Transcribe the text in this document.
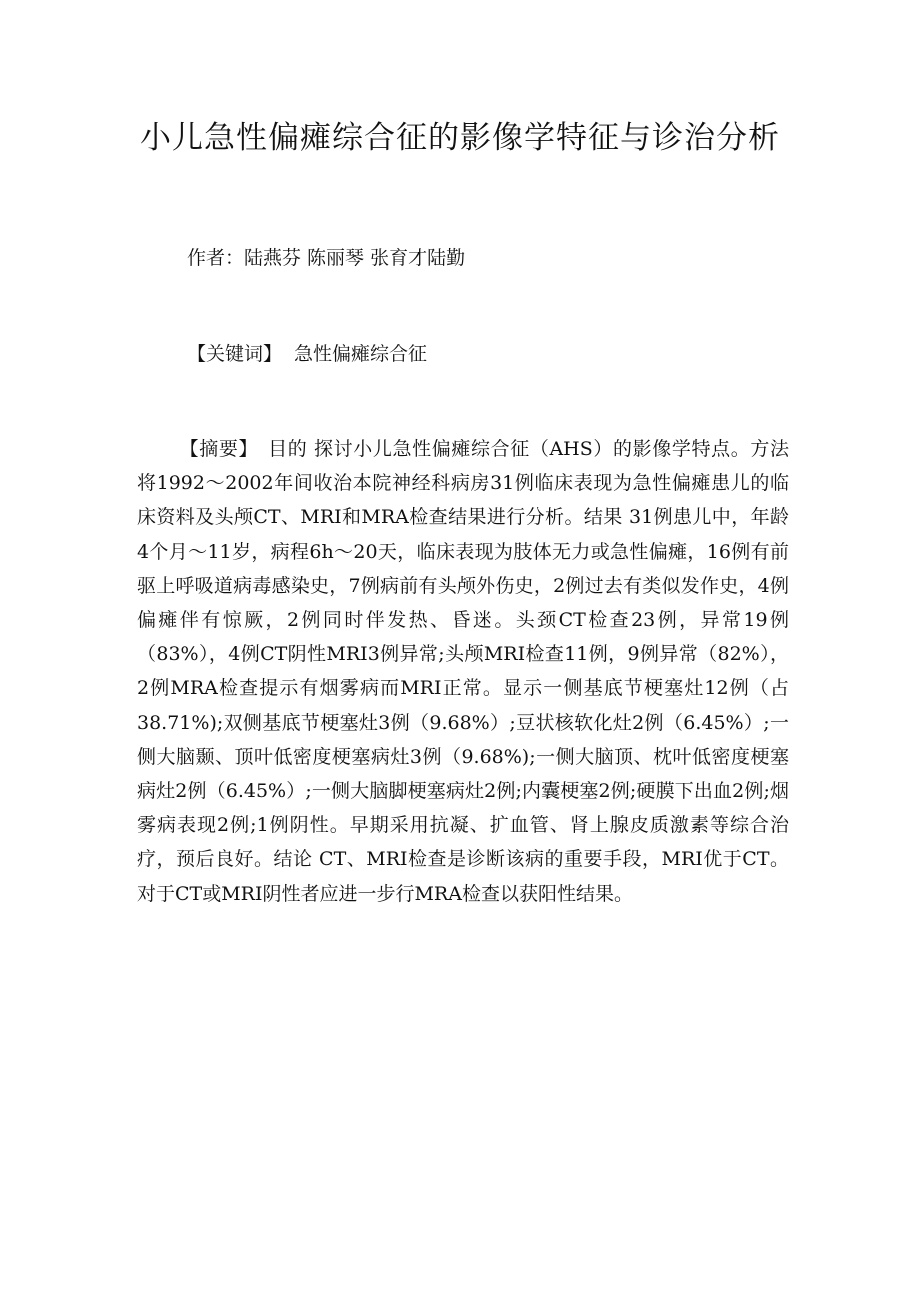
小儿急性偏瘫综合征的影像学特征与诊治分析
作者：陆燕芬 陈丽琴 张育才陆勤
【关键词】 急性偏瘫综合征
【摘要】 目的 探讨小儿急性偏瘫综合征（AHS）的影像学特点。方法将1992～2002年间收治本院神经科病房31例临床表现为急性偏瘫患儿的临床资料及头颅CT、MRI和MRA检查结果进行分析。结果 31例患儿中，年龄4个月～11岁，病程6h～20天，临床表现为肢体无力或急性偏瘫，16例有前驱上呼吸道病毒感染史，7例病前有头颅外伤史，2例过去有类似发作史，4例偏瘫伴有惊厥，2例同时伴发热、昏迷。头颈CT检查23例，异常19例（83%），4例CT阴性MRI3例异常;头颅MRI检查11例，9例异常（82%），2例MRA检查提示有烟雾病而MRI正常。显示一侧基底节梗塞灶12例（占38.71%);双侧基底节梗塞灶3例（9.68%）;豆状核软化灶2例（6.45%）;一侧大脑颞、顶叶低密度梗塞病灶3例（9.68%);一侧大脑顶、枕叶低密度梗塞病灶2例（6.45%）;一侧大脑脚梗塞病灶2例;内囊梗塞2例;硬膜下出血2例;烟雾病表现2例;1例阴性。早期采用抗凝、扩血管、肾上腺皮质激素等综合治疗，预后良好。结论 CT、MRI检查是诊断该病的重要手段，MRI优于CT。对于CT或MRI阴性者应进一步行MRA检查以获阳性结果。
